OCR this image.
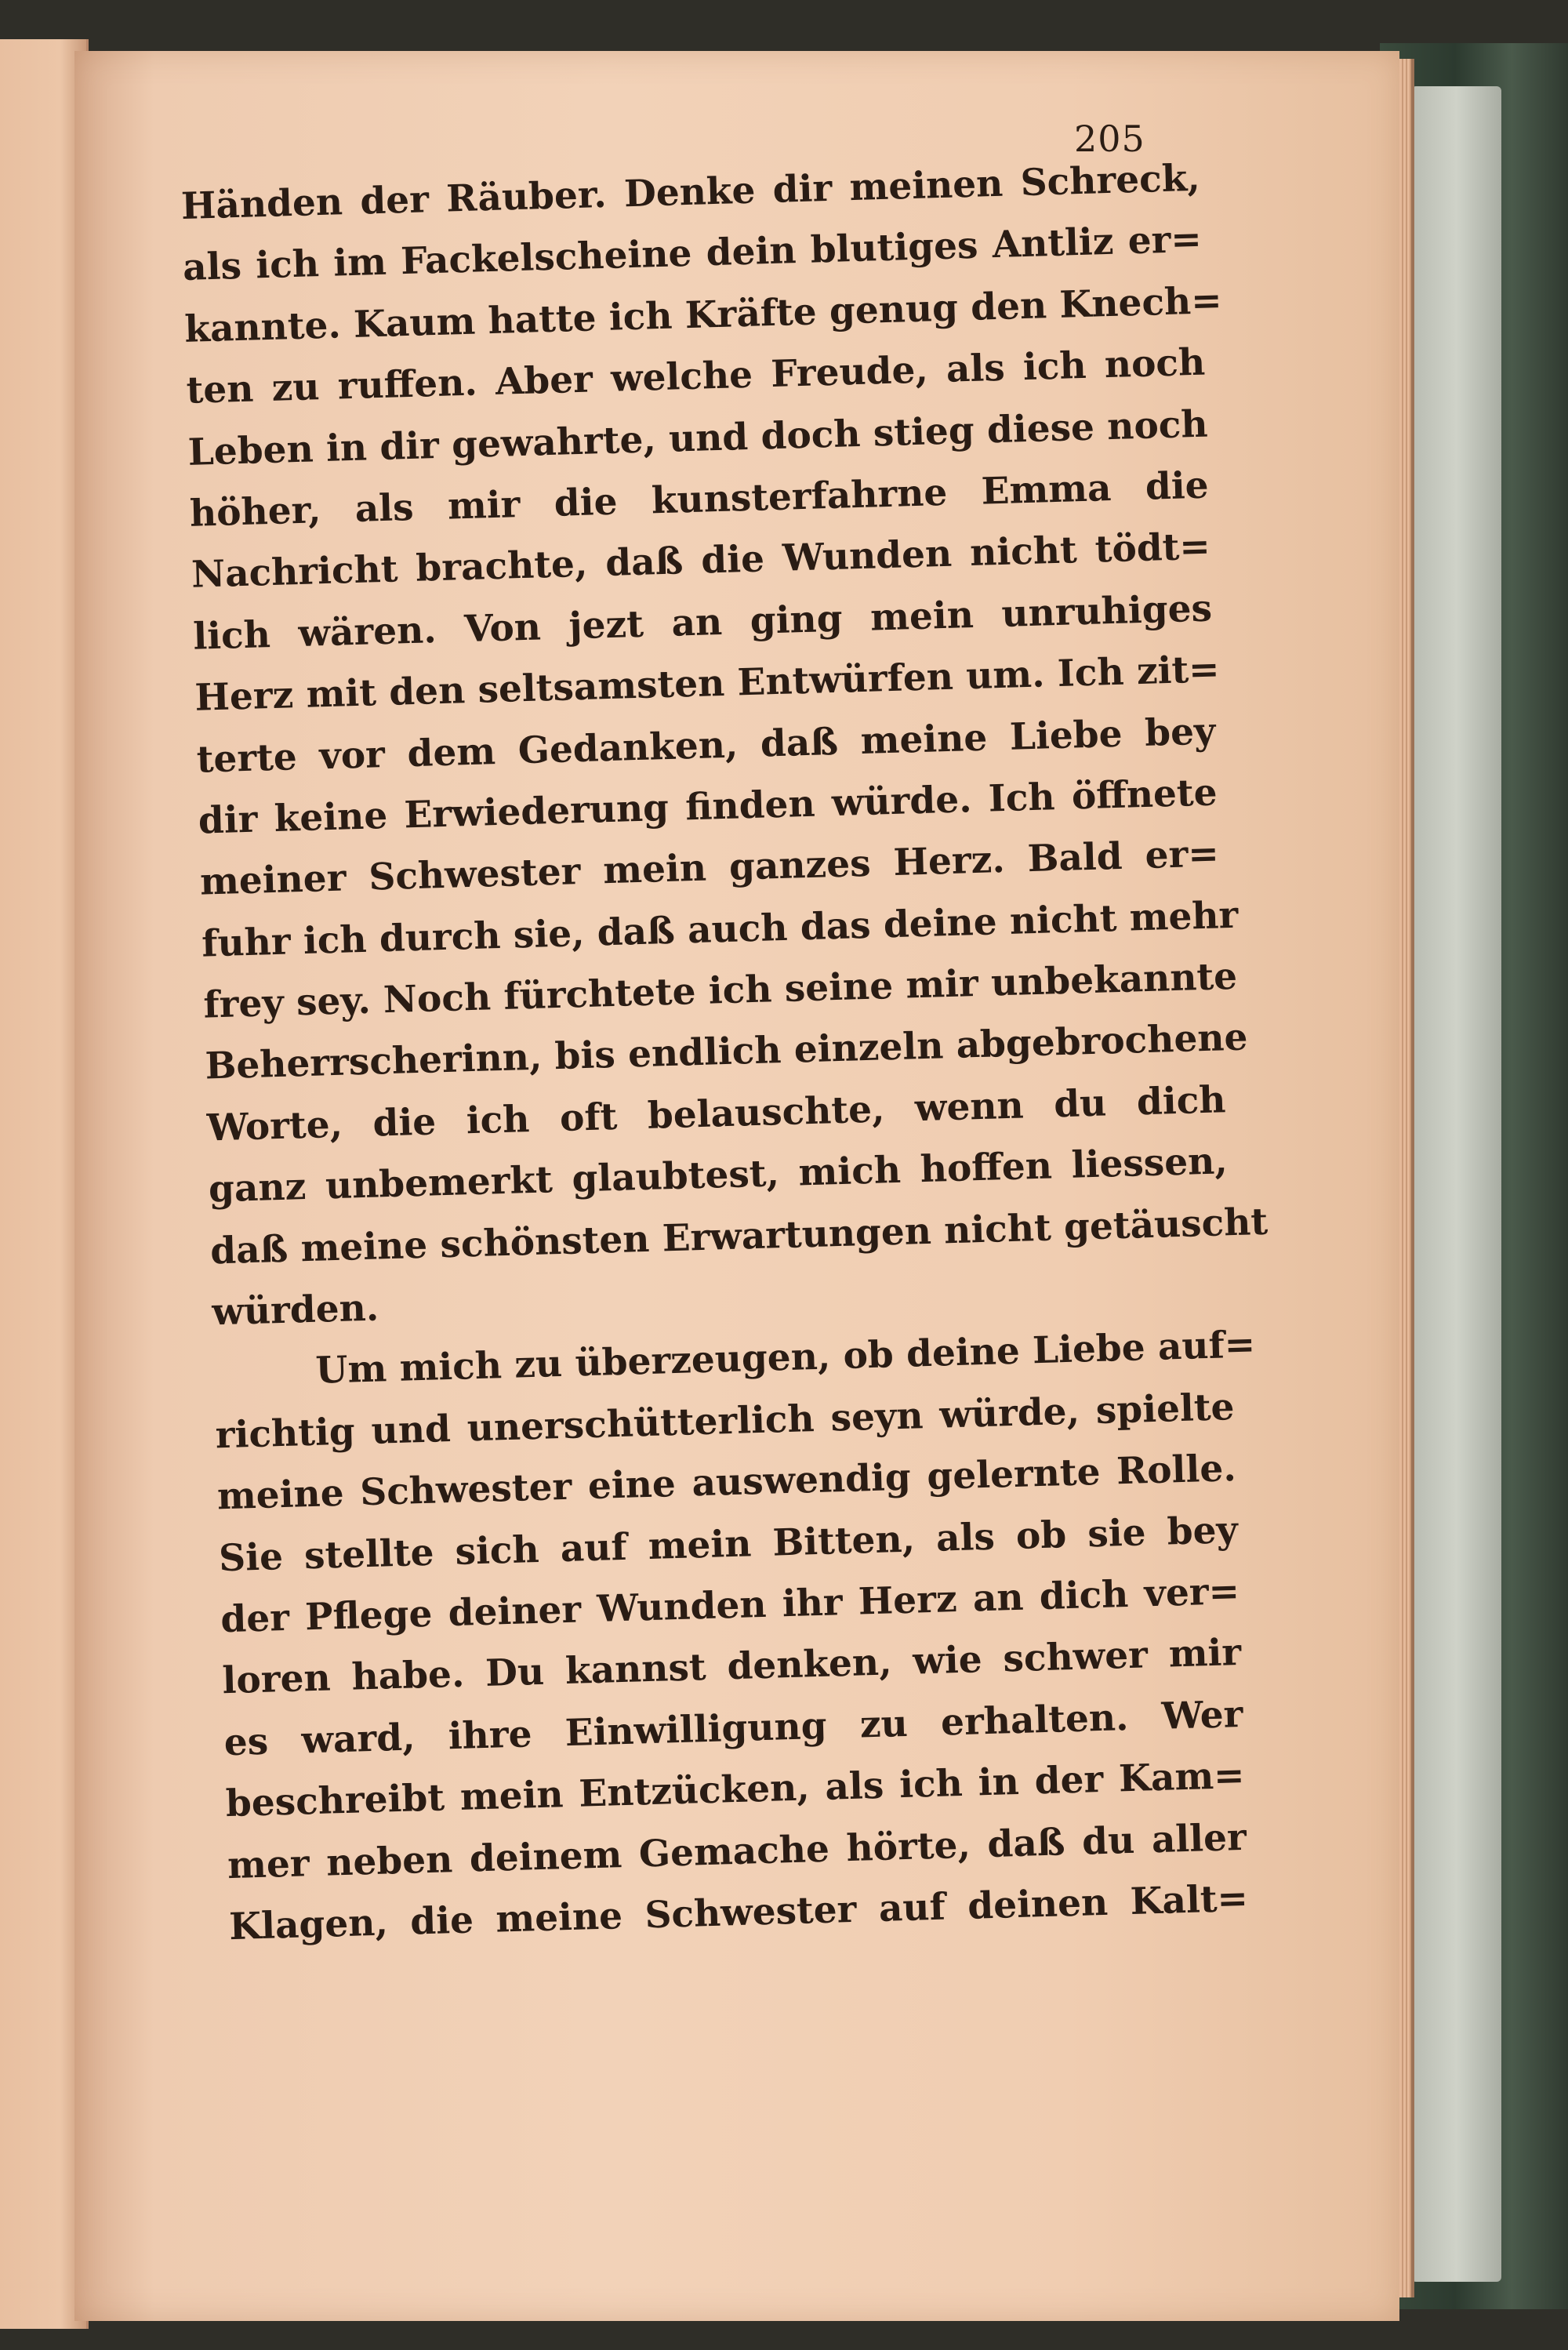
205
Händen der Räuber. Denke dir meinen Schreck,
als ich im Fackelscheine dein blutiges Antliz er=
kannte. Kaum hatte ich Kräfte genug den Knech=
ten zu ruffen. Aber welche Freude, als ich noch
Leben in dir gewahrte, und doch stieg diese noch
höher, als mir die kunsterfahrne Emma die
Nachricht brachte, daß die Wunden nicht tödt=
lich wären. Von jezt an ging mein unruhiges
Herz mit den seltsamsten Entwürfen um. Ich zit=
terte vor dem Gedanken, daß meine Liebe bey
dir keine Erwiederung finden würde. Ich öffnete
meiner Schwester mein ganzes Herz. Bald er=
fuhr ich durch sie, daß auch das deine nicht mehr
frey sey. Noch fürchtete ich seine mir unbekannte
Beherrscherinn, bis endlich einzeln abgebrochene
Worte, die ich oft belauschte, wenn du dich
ganz unbemerkt glaubtest, mich hoffen liessen,
daß meine schönsten Erwartungen nicht getäuscht
würden.
Um mich zu überzeugen, ob deine Liebe auf=
richtig und unerschütterlich seyn würde, spielte
meine Schwester eine auswendig gelernte Rolle.
Sie stellte sich auf mein Bitten, als ob sie bey
der Pflege deiner Wunden ihr Herz an dich ver=
loren habe. Du kannst denken, wie schwer mir
es ward, ihre Einwilligung zu erhalten. Wer
beschreibt mein Entzücken, als ich in der Kam=
mer neben deinem Gemache hörte, daß du aller
Klagen, die meine Schwester auf deinen Kalt=
